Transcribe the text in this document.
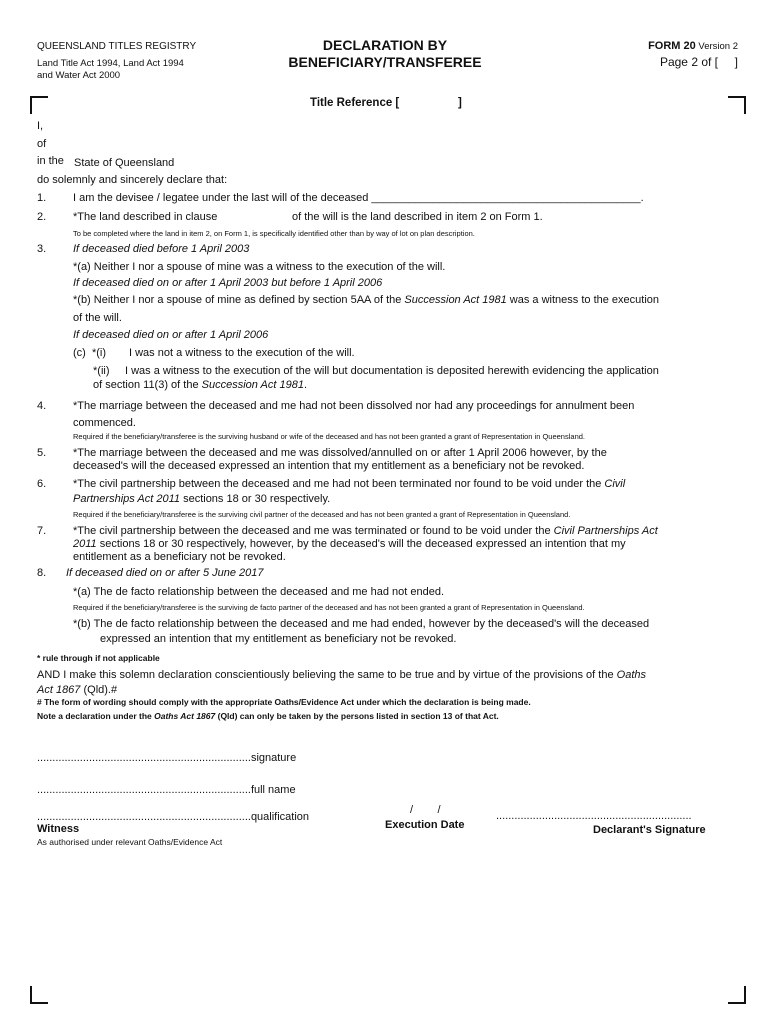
QUEENSLAND TITLES REGISTRY
Land Title Act 1994, Land Act 1994
and Water Act 2000
DECLARATION BY
BENEFICIARY/TRANSFEREE
FORM 20 Version 2
Page 2 of [     ]
Title Reference [	]
I,
of
in the State of Queensland
do solemnly and sincerely declare that:
1. I am the devisee / legatee under the last will of the deceased ____________________________________________.
2. *The land described in clause	of the will is the land described in item 2 on Form 1.
To be completed where the land in item 2, on Form 1, is specifically identified other than by way of lot on plan description.
3. If deceased died before 1 April 2003
*(a) Neither I nor a spouse of mine was a witness to the execution of the will.
If deceased died on or after 1 April 2003 but before 1 April 2006
*(b) Neither I nor a spouse of mine as defined by section 5AA of the Succession Act 1981 was a witness to the execution
of the will.
If deceased died on or after 1 April 2006
(c)  *(i) I was not a witness to the execution of the will.
*(ii) I was a witness to the execution of the will but documentation is deposited herewith evidencing the application
of section 11(3) of the Succession Act 1981.
4. *The marriage between the deceased and me had not been dissolved nor had any proceedings for annulment been
commenced.
Required if the beneficiary/transferee is the surviving husband or wife of the deceased and has not been granted a grant of Representation in Queensland.
5. *The marriage between the deceased and me was dissolved/annulled on or after 1 April 2006 however, by the
deceased's will the deceased expressed an intention that my entitlement as a beneficiary not be revoked.
6. *The civil partnership between the deceased and me had not been terminated nor found to be void under the Civil
Partnerships Act 2011 sections 18 or 30 respectively.
Required if the beneficiary/transferee is the surviving civil partner of the deceased and has not been granted a grant of Representation in Queensland.
7. *The civil partnership between the deceased and me was terminated or found to be void under the Civil Partnerships Act
2011 sections 18 or 30 respectively, however, by the deceased's will the deceased expressed an intention that my
entitlement as a beneficiary not be revoked.
8. If deceased died on or after 5 June 2017
*(a) The de facto relationship between the deceased and me had not ended.
Required if the beneficiary/transferee is the surviving de facto partner of the deceased and has not been granted a grant of Representation in Queensland.
*(b) The de facto relationship between the deceased and me had ended, however by the deceased's will the deceased
expressed an intention that my entitlement as beneficiary not be revoked.
* rule through if not applicable
AND I make this solemn declaration conscientiously believing the same to be true and by virtue of the provisions of the Oaths
Act 1867 (Qld).#
# The form of wording should comply with the appropriate Oaths/Evidence Act under which the declaration is being made.
Note a declaration under the Oaths Act 1867 (Qld) can only be taken by the persons listed in section 13 of that Act.
......................................................................signature
......................................................................full name
......................................................................qualification
Witness
As authorised under relevant Oaths/Evidence Act
/        /
Execution Date
................................................................
Declarant's Signature
